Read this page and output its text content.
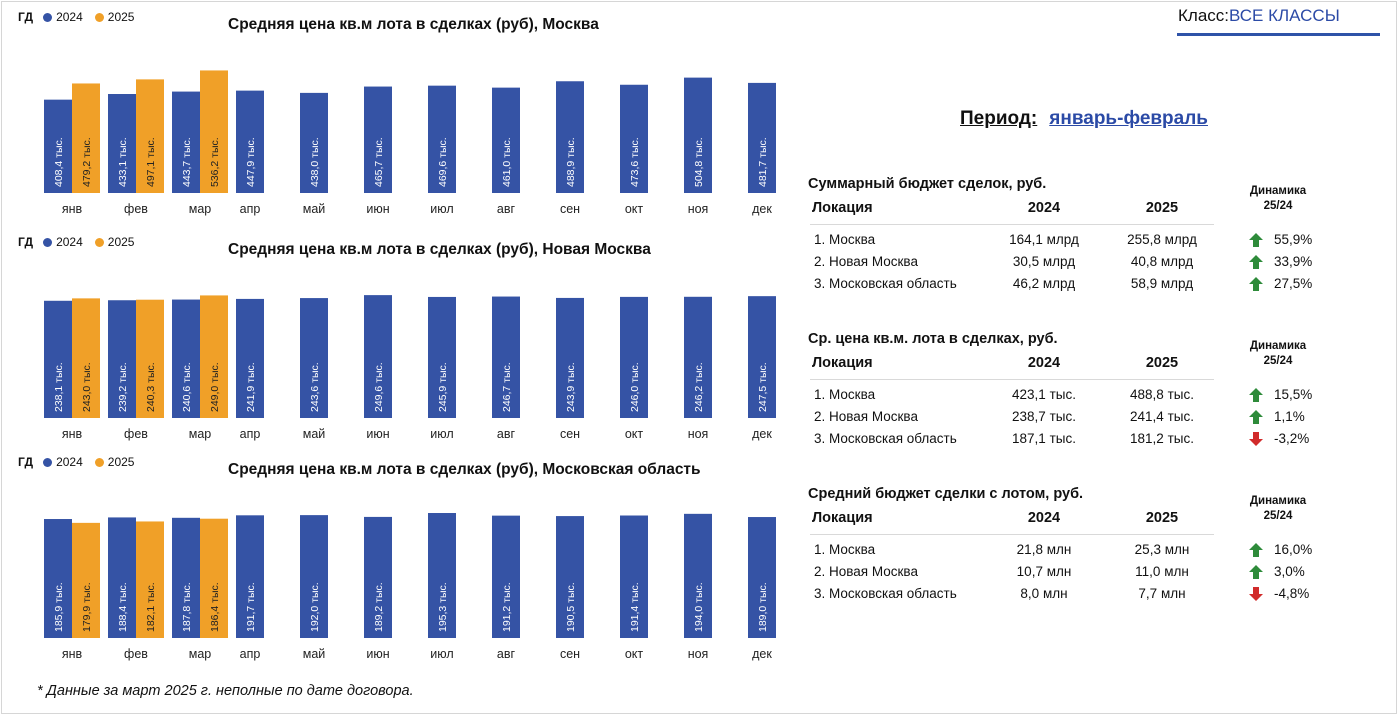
ГД 2024 2025	Средняя цена кв.м лота в сделках (руб), Москва
408,4 тыс. 479,2 тыс.
янв
433,1 тыс. 497,1 тыс.
фев
443,7 тыс. 536,2 тыс.
мар
447,9 тыс.
апр
438,0 тыс.
май
465,7 тыс.
июн
469,6 тыс.
июл
461,0 тыс.
авг
488,9 тыс.
сен
473,6 тыс.
окт
504,8 тыс.
ноя
481,7 тыс.
дек
ГД 2024 2025	Средняя цена кв.м лота в сделках (руб), Новая Москва
238,1 тыс. 243,0 тыс.
янв
239,2 тыс. 240,3 тыс.
фев
240,6 тыс. 249,0 тыс.
мар
241,9 тыс.
апр
243,6 тыс.
май
249,6 тыс.
июн
245,9 тыс.
июл
246,7 тыс.
авг
243,9 тыс.
сен
246,0 тыс.
окт
246,2 тыс.
ноя
247,5 тыс.
дек
ГД 2024 2025	Средняя цена кв.м лота в сделках (руб), Московская область
185,9 тыс. 179,9 тыс.
янв
188,4 тыс. 182,1 тыс.
фев
187,8 тыс. 186,4 тыс.
мар
191,7 тыс.
апр
192,0 тыс.
май
189,2 тыс.
июн
195,3 тыс.
июл
191,2 тыс.
авг
190,5 тыс.
сен
191,4 тыс.
окт
194,0 тыс.
ноя
189,0 тыс.
дек
Класс:ВСЕ КЛАССЫ
Период: январь-февраль
Суммарный бюджет сделок, руб.	Динамика
25/24
Локация	2024	2025
1. Москва	164,1 млрд	255,8 млрд	55,9%
2. Новая Москва	30,5 млрд	40,8 млрд	33,9%
3. Московская область	46,2 млрд	58,9 млрд	27,5%
Ср. цена кв.м. лота в сделках, руб.	Динамика
25/24
Локация	2024	2025
1. Москва	423,1 тыс.	488,8 тыс.	15,5%
2. Новая Москва	238,7 тыс.	241,4 тыс.	1,1%
3. Московская область	187,1 тыс.	181,2 тыс.	-3,2%
Средний бюджет сделки с лотом, руб.	Динамика
25/24
Локация	2024	2025
1. Москва	21,8 млн	25,3 млн	16,0%
2. Новая Москва	10,7 млн	11,0 млн	3,0%
3. Московская область	8,0 млн	7,7 млн	-4,8%
* Данные за март 2025 г. неполные по дате договора.
